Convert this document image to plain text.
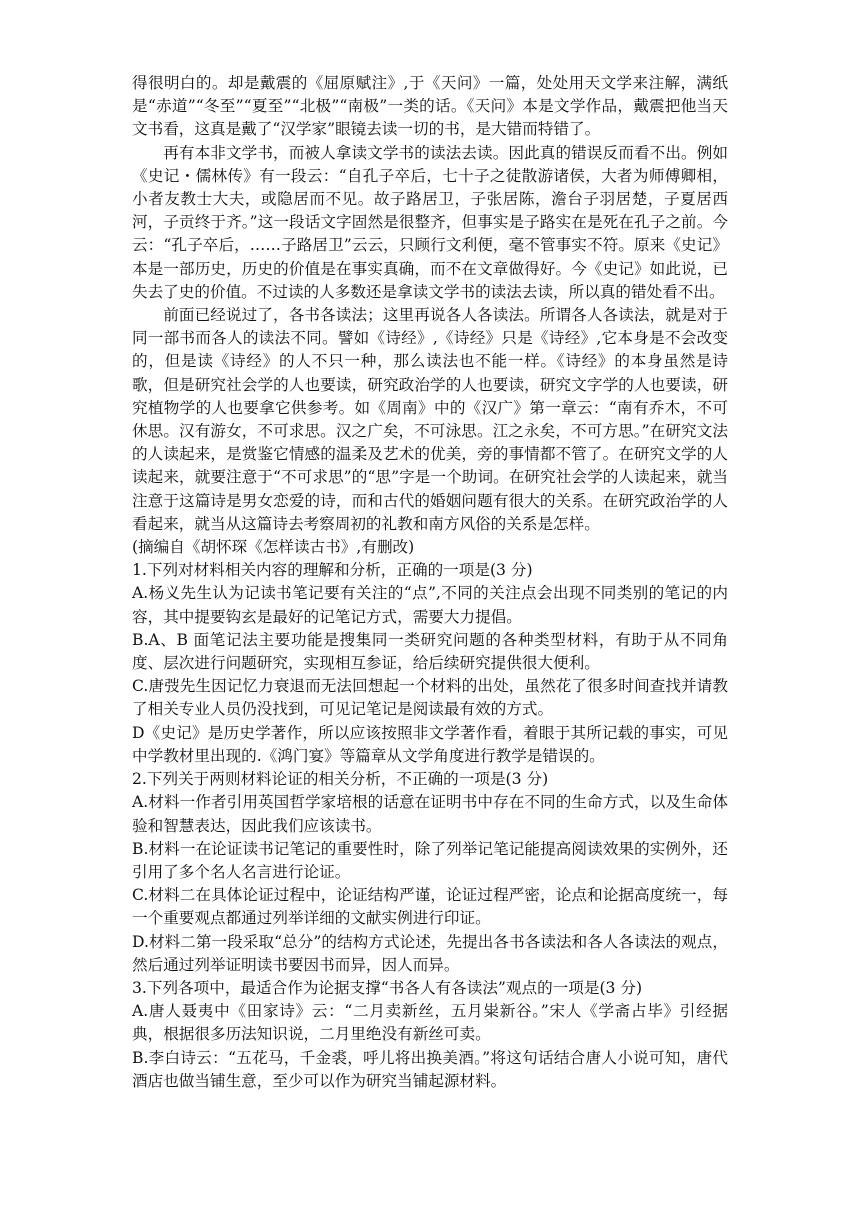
得很明白的。却是戴震的《屈原赋注》,于《天问》一篇，处处用天文学来注解，满纸是“赤道”“冬至”“夏至”“北极”“南极”一类的话。《天问》本是文学作品，戴震把他当天文书看，这真是戴了“汉学家”眼镜去读一切的书，是大错而特错了。

再有本非文学书，而被人拿读文学书的读法去读。因此真的错误反而看不出。例如《史记・儒林传》有一段云：“自孔子卒后，七十子之徒散游诸侯，大者为师傅卿相，小者友教士大夫，或隐居而不见。故子路居卫，子张居陈，澹台子羽居楚，子夏居西河，子贡终于齐。”这一段话文字固然是很整齐，但事实是子路实在是死在孔子之前。今云：“孔子卒后，……子路居卫”云云，只顾行文利便，毫不管事实不符。原来《史记》本是一部历史，历史的价值是在事实真确，而不在文章做得好。今《史记》如此说，已失去了史的价值。不过读的人多数还是拿读文学书的读法去读，所以真的错处看不出。

前面已经说过了，各书各读法；这里再说各人各读法。所谓各人各读法，就是对于同一部书而各人的读法不同。譬如《诗经》,《诗经》只是《诗经》,它本身是不会改变的，但是读《诗经》的人不只一种，那么读法也不能一样。《诗经》的本身虽然是诗歌，但是研究社会学的人也要读，研究政治学的人也要读，研究文字学的人也要读，研究植物学的人也要拿它供参考。如《周南》中的《汉广》第一章云：“南有乔木，不可休思。汉有游女，不可求思。汉之广矣，不可泳思。江之永矣，不可方思。”在研究文法的人读起来，是赏鉴它情感的温柔及艺术的优美，旁的事情都不管了。在研究文学的人读起来，就要注意于“不可求思”的“思”字是一个助词。在研究社会学的人读起来，就当注意于这篇诗是男女恋爱的诗，而和古代的婚姻问题有很大的关系。在研究政治学的人看起来，就当从这篇诗去考察周初的礼教和南方风俗的关系是怎样。

(摘编自《胡怀琛《怎样读古书》,有删改)

1.下列对材料相关内容的理解和分析，正确的一项是(3 分)

A.杨义先生认为记读书笔记要有关注的“点”,不同的关注点会出现不同类别的笔记的内容，其中提要钩玄是最好的记笔记方式，需要大力提倡。

B.A、B 面笔记法主要功能是搜集同一类研究问题的各种类型材料，有助于从不同角度、层次进行问题研究，实现相互参证，给后续研究提供很大便利。

C.唐弢先生因记忆力衰退而无法回想起一个材料的出处，虽然花了很多时间查找并请教了相关专业人员仍没找到，可见记笔记是阅读最有效的方式。

D《史记》是历史学著作，所以应该按照非文学著作看，着眼于其所记载的事实，可见中学教材里出现的.《鸿门宴》等篇章从文学角度进行教学是错误的。

2.下列关于两则材料论证的相关分析，不正确的一项是(3 分)

A.材料一作者引用英国哲学家培根的话意在证明书中存在不同的生命方式，以及生命体验和智慧表达，因此我们应该读书。

B.材料一在论证读书记笔记的重要性时，除了列举记笔记能提高阅读效果的实例外，还引用了多个名人名言进行论证。

C.材料二在具体论证过程中，论证结构严谨，论证过程严密，论点和论据高度统一，每一个重要观点都通过列举详细的文献实例进行印证。

D.材料二第一段采取“总分”的结构方式论述，先提出各书各读法和各人各读法的观点，然后通过列举证明读书要因书而异，因人而异。

3.下列各项中，最适合作为论据支撑“书各人有各读法”观点的一项是(3 分)

A.唐人聂夷中《田家诗》云：“二月卖新丝，五月粜新谷。”宋人《学斋占毕》引经据典，根据很多历法知识说，二月里绝没有新丝可卖。

B.李白诗云：“五花马，千金裘，呼儿将出换美酒。”将这句话结合唐人小说可知，唐代酒店也做当铺生意，至少可以作为研究当铺起源材料。
